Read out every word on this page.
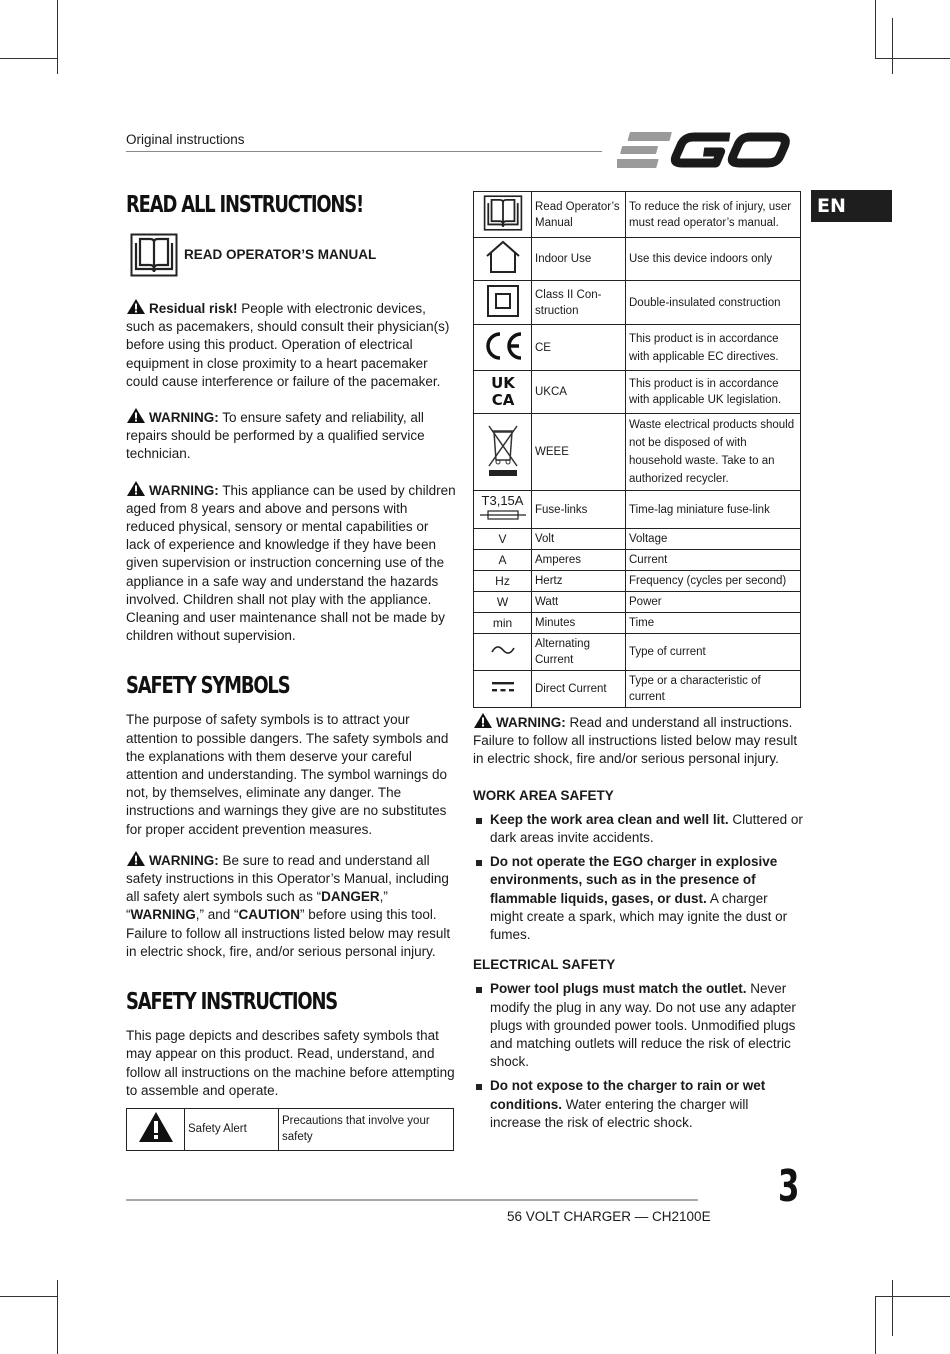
Original instructions
EN
READ ALL INSTRUCTIONS!
READ OPERATOR’S MANUAL

Residual risk! People with electronic devices, such as pacemakers, should consult their physician(s) before using this product. Operation of electrical equipment in close proximity to a heart pacemaker could cause interference or failure of the pacemaker.

WARNING: To ensure safety and reliability, all repairs should be performed by a qualified service technician.

WARNING: This appliance can be used by children aged from 8 years and above and persons with reduced physical, sensory or mental capabilities or lack of experience and knowledge if they have been given supervision or instruction concerning use of the appliance in a safe way and understand the hazards involved. Children shall not play with the appliance. Cleaning and user maintenance shall not be made by children without supervision.

SAFETY SYMBOLS

The purpose of safety symbols is to attract your attention to possible dangers. The safety symbols and the explanations with them deserve your careful attention and understanding. The symbol warnings do not, by themselves, eliminate any danger. The instructions and warnings they give are no substitutes for proper accident prevention measures.

WARNING: Be sure to read and understand all safety instructions in this Operator’s Manual, including all safety alert symbols such as “DANGER,” “WARNING,” and “CAUTION” before using this tool. Failure to follow all instructions listed below may result in electric shock, fire, and/or serious personal injury.

SAFETY INSTRUCTIONS

This page depicts and describes safety symbols that may appear on this product. Read, understand, and follow all instructions on the machine before attempting to assemble and operate.

	Safety Alert	Precautions that involve your safety
	Read Operator’s Manual	To reduce the risk of injury, user must read operator’s manual.
	Indoor Use	Use this device indoors only
	Class II Con-struction	Double-insulated construction
	CE	This product is in accordance with applicable EC directives.

UK
CA	UKCA	This product is in accordance with applicable UK legislation.
	WEEE	Waste electrical products should not be disposed of with household waste. Take to an authorized recycler.

T3,15A	Fuse-links	Time-lag miniature fuse-link
V	Volt	Voltage
A	Amperes	Current
Hz	Hertz	Frequency (cycles per second)
W	Watt	Power
min	Minutes	Time
	Alternating Current	Type of current
	Direct Current	Type or a characteristic of current

WARNING: Read and understand all instructions. Failure to follow all instructions listed below may result in electric shock, fire and/or serious personal injury.

WORK AREA SAFETY
Keep the work area clean and well lit. Cluttered or dark areas invite accidents.
Do not operate the EGO charger in explosive environments, such as in the presence of flammable liquids, gases, or dust. A charger might create a spark, which may ignite the dust or fumes.
ELECTRICAL SAFETY
Power tool plugs must match the outlet. Never modify the plug in any way. Do not use any adapter plugs with grounded power tools. Unmodified plugs and matching outlets will reduce the risk of electric shock.
Do not expose to the charger to rain or wet conditions. Water entering the charger will increase the risk of electric shock.
56 VOLT CHARGER — CH2100E
3
